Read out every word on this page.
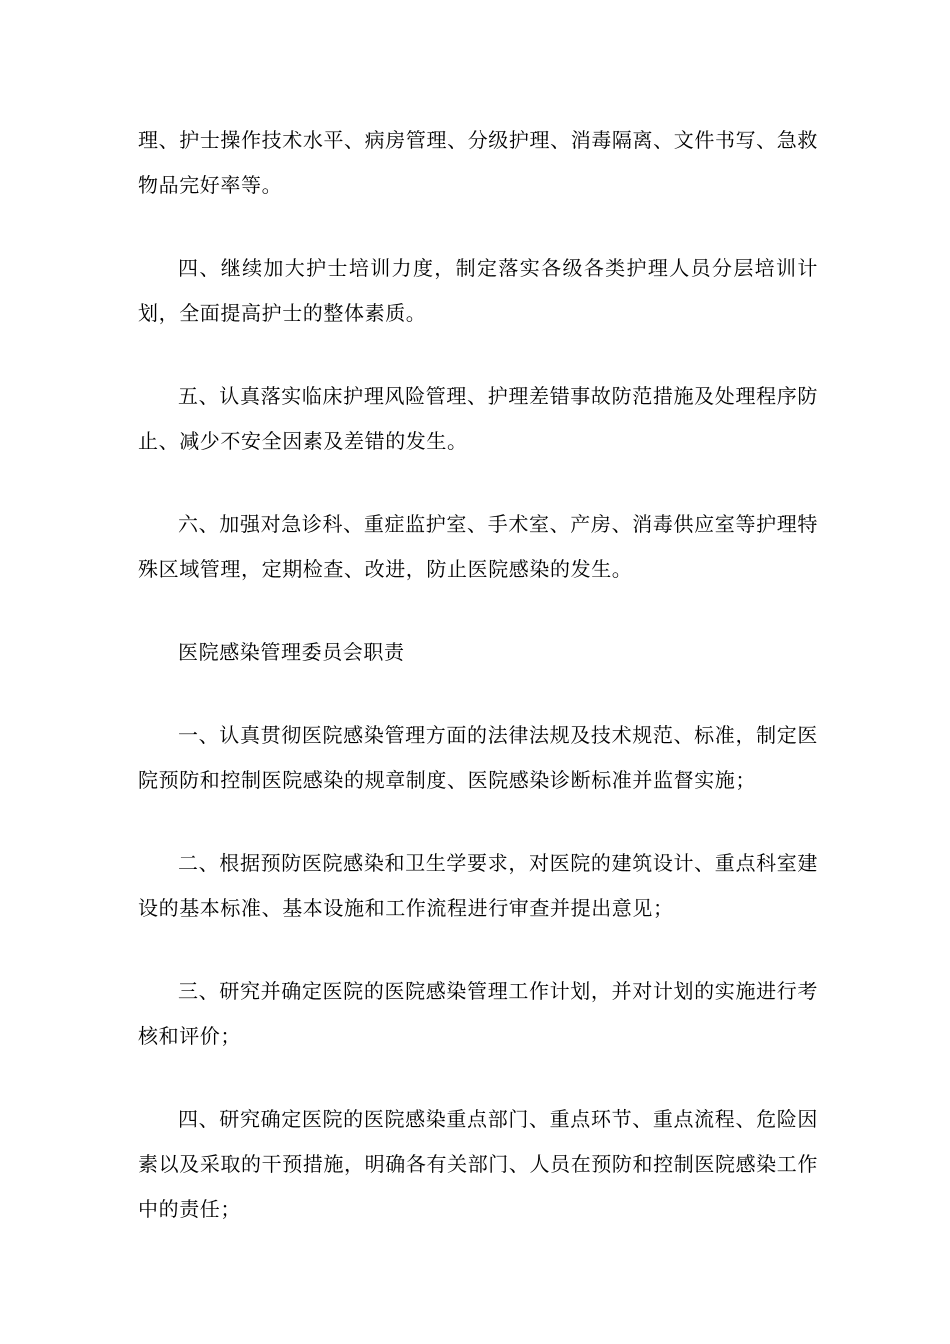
理、护士操作技术水平、病房管理、分级护理、消毒隔离、文件书写、急救物品完好率等。

四、继续加大护士培训力度，制定落实各级各类护理人员分层培训计划，全面提高护士的整体素质。

五、认真落实临床护理风险管理、护理差错事故防范措施及处理程序防止、减少不安全因素及差错的发生。

六、加强对急诊科、重症监护室、手术室、产房、消毒供应室等护理特殊区域管理，定期检查、改进，防止医院感染的发生。

医院感染管理委员会职责

一、认真贯彻医院感染管理方面的法律法规及技术规范、标准，制定医院预防和控制医院感染的规章制度、医院感染诊断标准并监督实施；

二、根据预防医院感染和卫生学要求，对医院的建筑设计、重点科室建设的基本标准、基本设施和工作流程进行审查并提出意见；

三、研究并确定医院的医院感染管理工作计划，并对计划的实施进行考核和评价；

四、研究确定医院的医院感染重点部门、重点环节、重点流程、危险因素以及采取的干预措施，明确各有关部门、人员在预防和控制医院感染工作中的责任；
